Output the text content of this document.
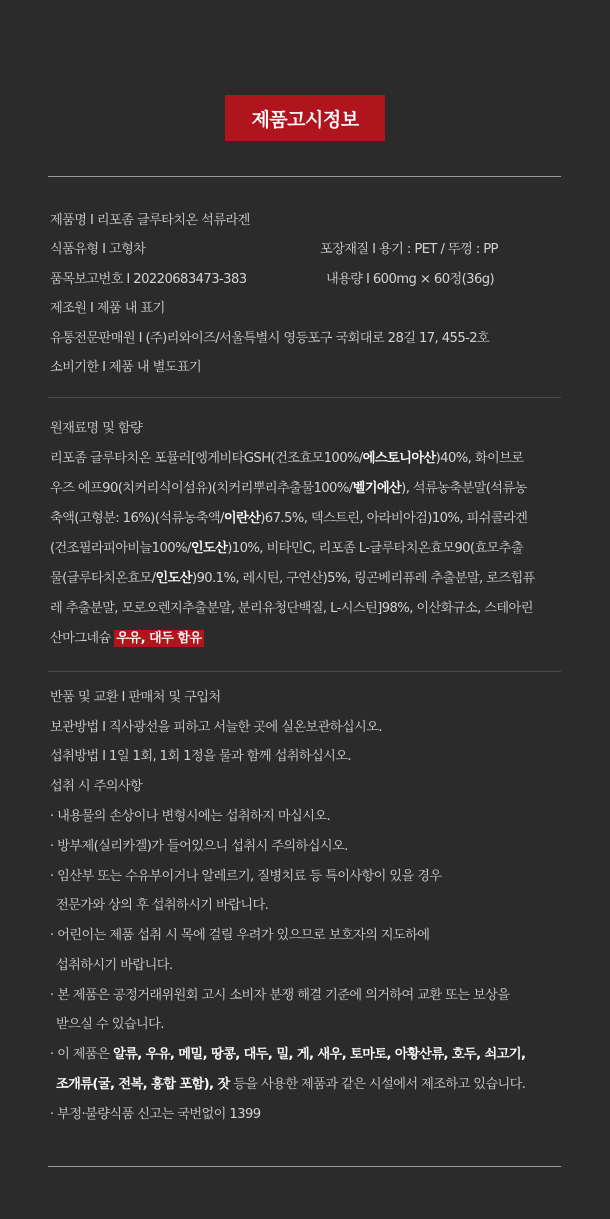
제품고시정보
제품명 I 리포좀 글루타치온 석류라겐
식품유형 I 고형차	포장재질 I 용기 : PET / 뚜껑 : PP
품목보고번호 I 20220683473-383	내용량 I 600mg × 60정(36g)
제조원 I 제품 내 표기
유통전문판매원 I (주)리와이즈/서울특별시 영등포구 국회대로 28길 17, 455-2호
소비기한 I 제품 내 별도표기
원재료명 및 함량
리포좀 글루타치온 포뮬러[엥게비타GSH(건조효모100%/에스토니아산)40%, 화이브로
우즈 에프90(치커리식이섬유)(치커리뿌리추출물100%/벨기에산), 석류농축분말(석류농
축액(고형분: 16%)(석류농축액/이란산)67.5%, 덱스트린, 아라비아검)10%, 피쉬콜라겐
(건조필라피아비늘100%/인도산)10%, 비타민C, 리포좀 L-글루타치온효모90(효모추출
물(글루타치온효모/인도산)90.1%, 레시틴, 구연산)5%, 링곤베리퓨레 추출분말, 로즈힙퓨
레 추출분말, 모로오렌지추출분말, 분리유청단백질, L-시스틴]98%, 이산화규소, 스테아린
산마그네슘 우유, 대두 함유
반품 및 교환 I 판매처 및 구입처
보관방법 I 직사광선을 피하고 서늘한 곳에 실온보관하십시오.
섭취방법 I 1일 1회, 1회 1정을 물과 함께 섭취하십시오.
섭취 시 주의사항
· 내용물의 손상이나 변형시에는 섭취하지 마십시오.
· 방부제(실리카겔)가 들어있으니 섭취시 주의하십시오.
· 임산부 또는 수유부이거나 알레르기, 질병치료 등 특이사항이 있을 경우
전문가와 상의 후 섭취하시기 바랍니다.
· 어린이는 제품 섭취 시 목에 걸릴 우려가 있으므로 보호자의 지도하에
섭취하시기 바랍니다.
· 본 제품은 공정거래위원회 고시 소비자 분쟁 해결 기준에 의거하여 교환 또는 보상을
받으실 수 있습니다.
· 이 제품은 알류, 우유, 메밀, 땅콩, 대두, 밀, 게, 새우, 토마토, 아황산류, 호두, 쇠고기,
조개류(굴, 전복, 홍합 포함), 잣 등을 사용한 제품과 같은 시설에서 제조하고 있습니다.
· 부정·불량식품 신고는 국번없이 1399
